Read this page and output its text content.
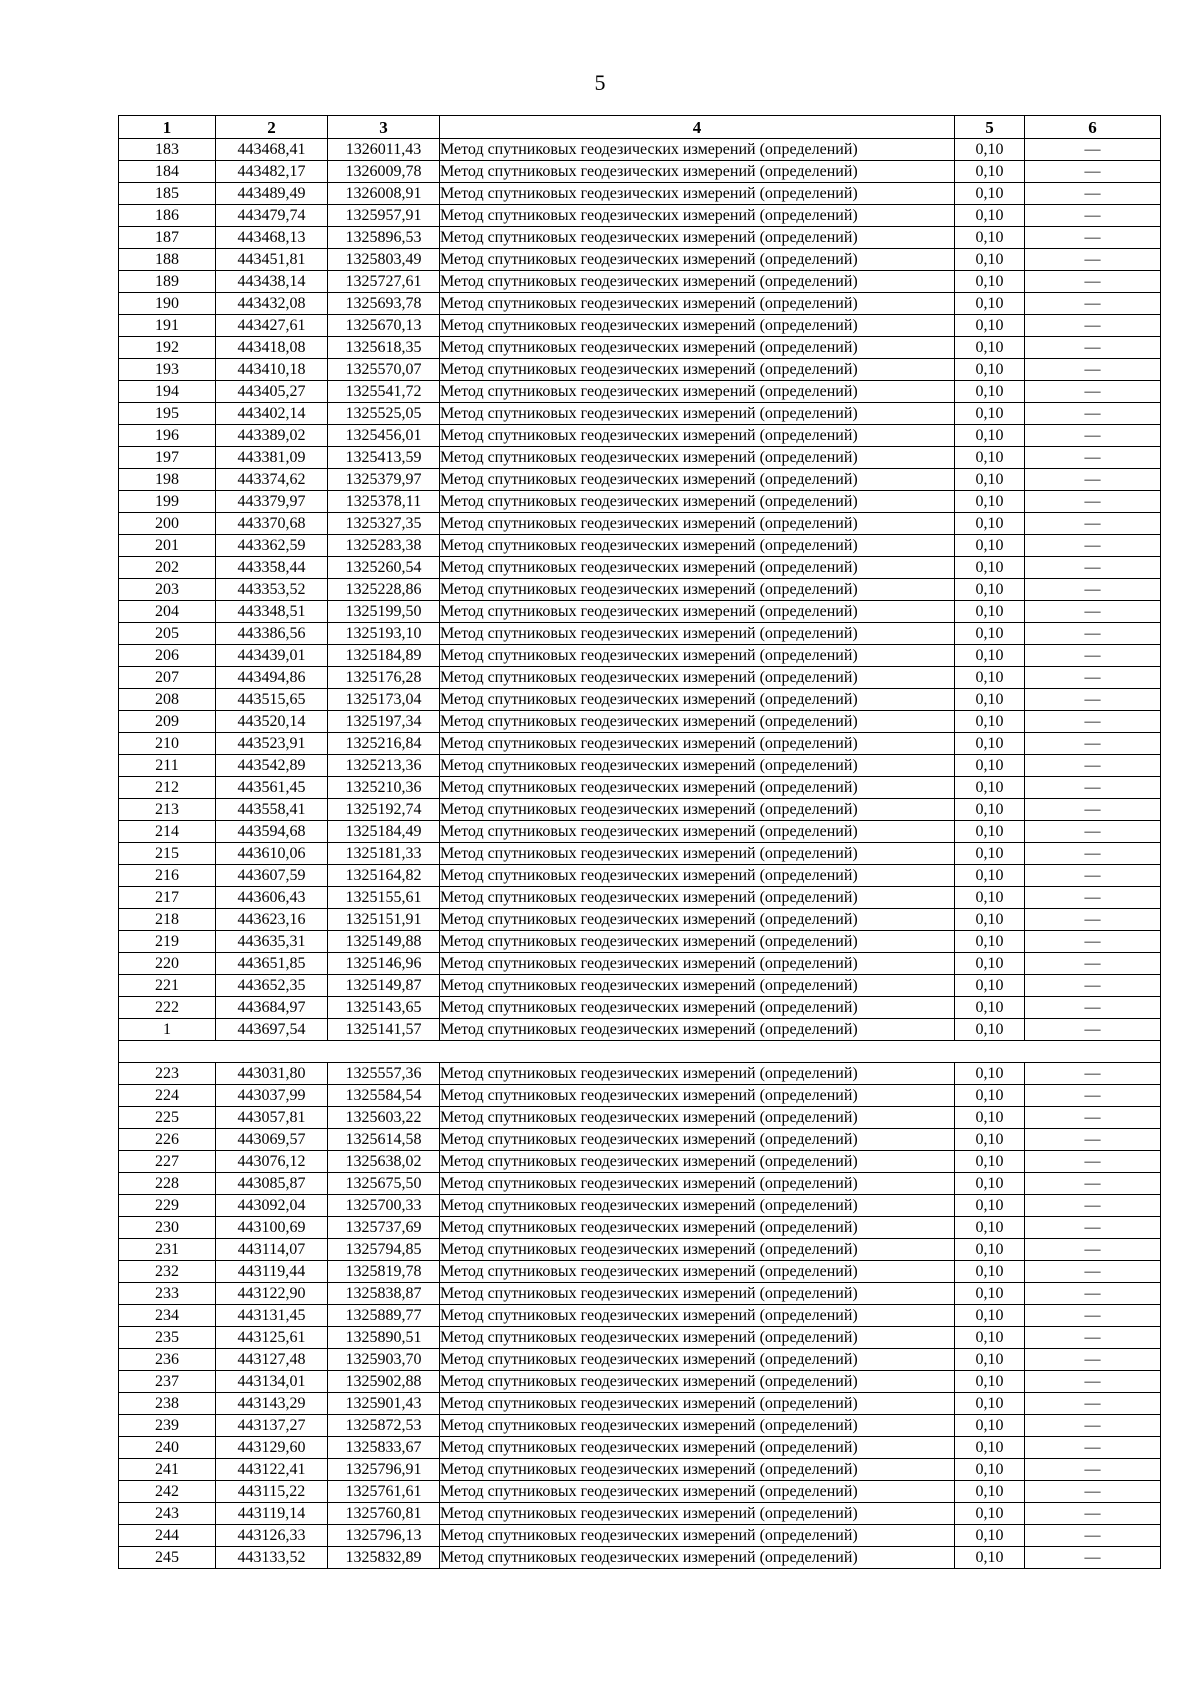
5
1	2	3	4	5	6
183	443468,41	1326011,43	Метод спутниковых геодезических измерений (определений)	0,10	—
184	443482,17	1326009,78	Метод спутниковых геодезических измерений (определений)	0,10	—
185	443489,49	1326008,91	Метод спутниковых геодезических измерений (определений)	0,10	—
186	443479,74	1325957,91	Метод спутниковых геодезических измерений (определений)	0,10	—
187	443468,13	1325896,53	Метод спутниковых геодезических измерений (определений)	0,10	—
188	443451,81	1325803,49	Метод спутниковых геодезических измерений (определений)	0,10	—
189	443438,14	1325727,61	Метод спутниковых геодезических измерений (определений)	0,10	—
190	443432,08	1325693,78	Метод спутниковых геодезических измерений (определений)	0,10	—
191	443427,61	1325670,13	Метод спутниковых геодезических измерений (определений)	0,10	—
192	443418,08	1325618,35	Метод спутниковых геодезических измерений (определений)	0,10	—
193	443410,18	1325570,07	Метод спутниковых геодезических измерений (определений)	0,10	—
194	443405,27	1325541,72	Метод спутниковых геодезических измерений (определений)	0,10	—
195	443402,14	1325525,05	Метод спутниковых геодезических измерений (определений)	0,10	—
196	443389,02	1325456,01	Метод спутниковых геодезических измерений (определений)	0,10	—
197	443381,09	1325413,59	Метод спутниковых геодезических измерений (определений)	0,10	—
198	443374,62	1325379,97	Метод спутниковых геодезических измерений (определений)	0,10	—
199	443379,97	1325378,11	Метод спутниковых геодезических измерений (определений)	0,10	—
200	443370,68	1325327,35	Метод спутниковых геодезических измерений (определений)	0,10	—
201	443362,59	1325283,38	Метод спутниковых геодезических измерений (определений)	0,10	—
202	443358,44	1325260,54	Метод спутниковых геодезических измерений (определений)	0,10	—
203	443353,52	1325228,86	Метод спутниковых геодезических измерений (определений)	0,10	—
204	443348,51	1325199,50	Метод спутниковых геодезических измерений (определений)	0,10	—
205	443386,56	1325193,10	Метод спутниковых геодезических измерений (определений)	0,10	—
206	443439,01	1325184,89	Метод спутниковых геодезических измерений (определений)	0,10	—
207	443494,86	1325176,28	Метод спутниковых геодезических измерений (определений)	0,10	—
208	443515,65	1325173,04	Метод спутниковых геодезических измерений (определений)	0,10	—
209	443520,14	1325197,34	Метод спутниковых геодезических измерений (определений)	0,10	—
210	443523,91	1325216,84	Метод спутниковых геодезических измерений (определений)	0,10	—
211	443542,89	1325213,36	Метод спутниковых геодезических измерений (определений)	0,10	—
212	443561,45	1325210,36	Метод спутниковых геодезических измерений (определений)	0,10	—
213	443558,41	1325192,74	Метод спутниковых геодезических измерений (определений)	0,10	—
214	443594,68	1325184,49	Метод спутниковых геодезических измерений (определений)	0,10	—
215	443610,06	1325181,33	Метод спутниковых геодезических измерений (определений)	0,10	—
216	443607,59	1325164,82	Метод спутниковых геодезических измерений (определений)	0,10	—
217	443606,43	1325155,61	Метод спутниковых геодезических измерений (определений)	0,10	—
218	443623,16	1325151,91	Метод спутниковых геодезических измерений (определений)	0,10	—
219	443635,31	1325149,88	Метод спутниковых геодезических измерений (определений)	0,10	—
220	443651,85	1325146,96	Метод спутниковых геодезических измерений (определений)	0,10	—
221	443652,35	1325149,87	Метод спутниковых геодезических измерений (определений)	0,10	—
222	443684,97	1325143,65	Метод спутниковых геодезических измерений (определений)	0,10	—
1	443697,54	1325141,57	Метод спутниковых геодезических измерений (определений)	0,10	—

223	443031,80	1325557,36	Метод спутниковых геодезических измерений (определений)	0,10	—
224	443037,99	1325584,54	Метод спутниковых геодезических измерений (определений)	0,10	—
225	443057,81	1325603,22	Метод спутниковых геодезических измерений (определений)	0,10	—
226	443069,57	1325614,58	Метод спутниковых геодезических измерений (определений)	0,10	—
227	443076,12	1325638,02	Метод спутниковых геодезических измерений (определений)	0,10	—
228	443085,87	1325675,50	Метод спутниковых геодезических измерений (определений)	0,10	—
229	443092,04	1325700,33	Метод спутниковых геодезических измерений (определений)	0,10	—
230	443100,69	1325737,69	Метод спутниковых геодезических измерений (определений)	0,10	—
231	443114,07	1325794,85	Метод спутниковых геодезических измерений (определений)	0,10	—
232	443119,44	1325819,78	Метод спутниковых геодезических измерений (определений)	0,10	—
233	443122,90	1325838,87	Метод спутниковых геодезических измерений (определений)	0,10	—
234	443131,45	1325889,77	Метод спутниковых геодезических измерений (определений)	0,10	—
235	443125,61	1325890,51	Метод спутниковых геодезических измерений (определений)	0,10	—
236	443127,48	1325903,70	Метод спутниковых геодезических измерений (определений)	0,10	—
237	443134,01	1325902,88	Метод спутниковых геодезических измерений (определений)	0,10	—
238	443143,29	1325901,43	Метод спутниковых геодезических измерений (определений)	0,10	—
239	443137,27	1325872,53	Метод спутниковых геодезических измерений (определений)	0,10	—
240	443129,60	1325833,67	Метод спутниковых геодезических измерений (определений)	0,10	—
241	443122,41	1325796,91	Метод спутниковых геодезических измерений (определений)	0,10	—
242	443115,22	1325761,61	Метод спутниковых геодезических измерений (определений)	0,10	—
243	443119,14	1325760,81	Метод спутниковых геодезических измерений (определений)	0,10	—
244	443126,33	1325796,13	Метод спутниковых геодезических измерений (определений)	0,10	—
245	443133,52	1325832,89	Метод спутниковых геодезических измерений (определений)	0,10	—
